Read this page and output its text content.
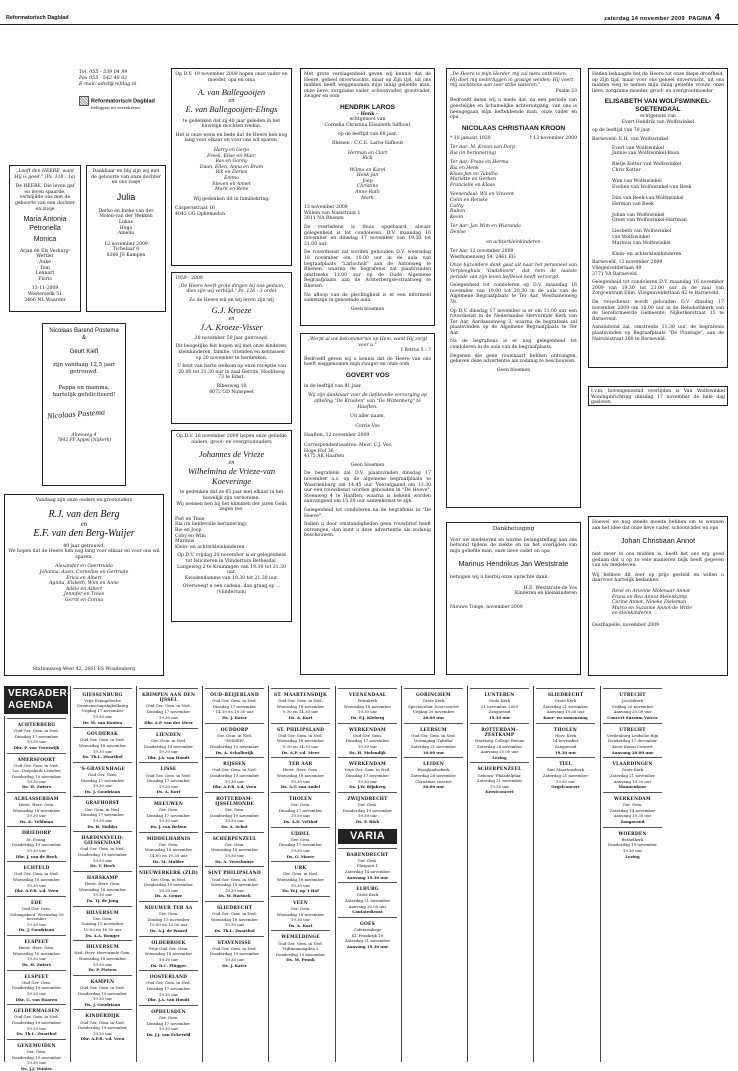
Reformatorisch Dagblad	zaterdag 14 november 2009 PAGINA 4
Tel. 055 - 539 04 99
Fax 055 - 542 48 02
E-mail: advd@refdag.nl
Reformatorisch Dagblad
beleggen en verzekeren
„Looft den HEERE, want Hij is goed." (Ps. 118 : 1a)
De HEERE, Die leven gaf en leven spaarde, verblijdde ons met de geboorte van een dochter en zusje
Maria Antonia Petronella
Monica
Arjan en Els Verburg-Wertler
Auke
Tom
Lennart
Floris
13-11-2009
Westersedk 51
3466 NL Waarder
Dankbaar en blij zijn wij met de geboorte van onze dochter en ons zusje
Julia
Derko en Ineke van der Molen-van der Wekken
Lukas
Hugo
Amelia
12 november 2009
Tichelaar 6
8366 JS Kampen
Nicolaas Barend Postema &
Geurt Kieft
zijn vandaag 12,5 jaar getrouwd.
Pappa en mamma, hartelijk gefeliciteerd!
Nicolaas Postema
Alteeweg 4
7842 PP Appel (Nijkerk)
Vandaag zijn onze ouders en grootouders
R.J. van den Berg
en
E.F. van den Berg-Wuijer
40 jaar getrouwd.
We hopen dat de Heere hen nog lang voor elkaar en voor ons wil sparen.
Alexander en Geertruida
Johanna, Axen, Cornelius en Gertrude
Erica en Albert
Agnita, Elsbeth, Wim en Anne
Adèle en Albert
Jennifer en Trees
Gerrit en Corina
Stationsweg-West 42, 2661 ES Woudenberg
Op D.V. 19 november 2009 hopen onze vader en moeder, opa en oma
A. van Ballegooijen
en
E. van Ballegooijen-Elings
te gedenken dat zij 40 jaar geleden in het huwelijk mochten treden.
Het is onze wens en bede dat de Heere hen nog lang voor elkaar en voor ons wil sparen.
Harry en Gerjo
Freek, Elise en Marc
Bas en Gonny
Daan, Ellen, Anna en Bram
Rik en Dories
Emmo
Steven en Annet
Marit en Rens
Wij gedenken dit in familiekring.
Caspersstraat 16
4043 GG Ophemedon
1959 ‑ 2009
„De Heere heeft grote dingen bij ons gedaan; dies zijn wij verblijd." Ps. 126 : 3 ordet
Zo de Heere wil en wij leven zijn wij
G.J. Kroeze
en
J.A. Kroeze-Visser
20 november 50 jaar getrouwd.
Dit beogelijke feit hopen wij met onze kinderen, kleinkinderen, familie, vrienden en kennissen op 20 november te herdenken.
U bent van harte welkom op onze receptie van 20.00 tot 21.30 uur in zaal Gerrits, Hoofdweg 73 te Emst.
Ribesweg 10
8072 GD Nunspeet
Op D.V. 16 november 2009 hopen onze geliefde ouders, groot- en overgrootouders
Johannes de Vrieze
en
Wilhelmina de Vrieze-van Koeveringe
te gedenken dat ze 65 jaar met elkaar in het huwelijk zijn verbonden.
Wij wensen hen bij het klimmen der jaren Gods zegen toe.
Piet en Tinie
Ria (in liefdevolle herinnering)
Bie en Joop
Coby en Wim
Marinus
Klein- en achterkleinkinderen
Op D.V. vrijdag 20 november is er gelegenheid tot feliciteren in Vlindertuin Bethesdal, Langeweg 2 te Kruiningen van 19.30 tot 21.30 uur.
Kwadendamme van 19.30 tot 21.30 uur.
Overweegt u een cadeau, dan graag op ... (Vlindertuin)
Met grote verslagenheid geven wij kennis dat de Heere, geheel onverwachts, maar op Zijn tijd, uit ons midden heeft weggenomen mijn innig geliefde man, onze lieve, zorgzame vader, schoonvader, grootvader, zwager en oom
HENDRIK LAROS
- Henk -
echtgenoot van
Cornelia Christina Elisabeth Silfhout
op de leeftijd van 68 jaar.
Rhenen : C.C.E. Laros-Silfhout
Herman en Clart
Rick

Wilma en Karel
Henk-Jan
Joep
Christine
Anne-Ruth
Mark
13 november 2009
Willem van Naeistraat 1
3911 NA Rhenen
De overledene is thuis opgebaard, alwaar gelegenheid is tot condoleren, D.V. maandag 16 november en dinsdag 17 november van 19.30 tot 21.00 uur.
De rouwdienst zal worden gehouden D.V. woensdag 18 november om 10.00 uur in de aula van begraafplaats "Larlocholf" aan de Antonweg te Rhenen, waarna de begrafenis zal plaatsvinden omstreeks 11.00 uur op de Oude Algemene Begraafplaats aan de Achterbergse-straatweg te Rhenen.
Na afloop van de plechtigheid is er een informeel samenzijn in genoemde aula.
Geen bloemen
„Werpt al uw bekommernis op Hem, want Hij zorgt voor u."
I Petrus 5 : 7
Bedroefd geven wij u kennis dat de Heere van ons heeft weggenomen mijn zwager en onze oom
GOVERT VOS
in de leeftijd van 81 jaar.
Wij zijn dankbaar voor de liefdevolle verzorging op afdeling "De Kruiden" van "De Wittenberg" te Haaften.
Uit aller naam,
Corrie Vos
Haaften, 12 november 2009
Correspondentieadres: Mevr. C.J. Vos,
Hoge Hof 36
4175 AK Haaften
Geen bloemen
De begrafenis zal D.V. plaatsvinden dinsdag 17 november a.s. op de algemene begraafplaats te Waardenburg om 14.45 uur. Voorafgaand om 13.30 uur een rouwdienst worden gehouden in "De Hoeve", Steenweg 4 te Haaften, waarna is bekend worden aanvangend om 15.20 uur samenkomst te zijn.
Gelegenheid tot condoleren na de begrafenis in "De Hoeve".
Indien u door omstandigheden geen rouwbrief heeft ontvangen, dan kunt u deze advertentie als zodanig beschouwen.
„De Heere is mijn Herder, mij zal niets ontbreken.
Hij doet mij nederliggen in grasige weiden; Hij voert mij zachtkens aan zeer stille wateren."
Psalm 23
Bedroefd delen wij u mede dat, na een periode van geestelijke en lichamelijke achteruitgang, van ons is heengegaan mijn lieftebbende man, onze vader en opa
NICOLAAS CHRISTIAAN KROON
* 10 januari 1920	† 12 november 2009
Ter Aar: M. Kroon-van Dorp
Ria (in herinnering)
Ter Aar: Frans en Herma
Ria en Henk
Klaas Jan en Tabitha
Mariëtte en Gerben
Francielle en Klaas
Veenendaal: Wil en Vincent
Colin en Renske
Cathy
Ruben
Kevin
Ter Aar: Jan Wim en Wieranda
Denise
en achterkleinkinderen
Ter Aar, 12 november 2009
Westhanenweg 54, 2461 EG
Onze bijzondere dank gaat uit naar het personeel van Verpleeghuis "Oudshoorn", dat hem de laatste periode van zijn leven liefdevol heeft verzorgd.
Gelegenheid tot condoleren op D.V. maandag 16 november van 19.00 tot 20.30 in de aula van de Algemene Begraafplaats te Ter Aar, Westhanenweg 59.
Op D.V. dinsdag 17 november is er om 11.00 uur een rouwdienst in de Nederlandse Hervormde Kerk van Ter Aar, Aardassenweg 3, waarna de begrafenis zal plaatsvinden op de Algemene Begraafplaats te Ter Aar.
Na de begrafenis is er nog gelegenheid tot condoleren in de aula van de begraafplaats.
Degenen die geen rouwkaart hebben ontvangen, gelieven deze advertentie als zodanig te beschouwen.
Geen bloemen
Dankbetuiging
Voor uw medeleven en warme belangstelling aan ons betoond tijdens de ziekte en na het overlijden van mijn geliefde man, onze lieve vader en opa
Marinus Hendrikus Jan Weststrate
betuigen wij u hierbij onze oprechte dank.
H.E. Weststrate-de Vos
Kinderen en kleinkinderen
Nieuwe Tonge, november 2009
Heden behaagde het de Heere tot onze diepe droefheid, op Zijn tijd, maar voor ons geheel onverwacht, uit ons midden weg te nemen mijn innig geliefde vrouw, onze lieve, zorgzame moeder, groot- en overgrootmoeder
ELISABETH VAN WOLFSWINKEL-SOETENDAAL
echtgenote van
Evert Hendrik van Wolfswinkel
op de leeftijd van 70 jaar.
Barneveld: E.H. van Wolfswinkel
Evert van Wolfswinkel
Jannie van Wolfswinkel-Baan

Rietje Kotter-van Wolfswinkel
Chris Kotter

Wim van Wolfswinkel
Evelien van Wolfswinkel-van Beek

Dini van Beek-van Wolfswinkel
Herman van Beek

Johan van Wolfswinkel
Greet van Wolfswinkel-Hartman

Liesbeth van Wolfswinkel
van Wolfswinkel
Marinus van Wolfswinkel

Klein- en achterkleinkinderen
Barneveld, 12 november 2009
Vliegenvelderlaan 49
3771 VA Barneveld
Gelegenheid tot condoleren D.V. maandag 16 november 2009 van 19.30 tot 21.00 uur in de zaal van Zorgcentrum Elim, Vliegenvelderlaan 42 te Barneveld.
De rouwdienst wordt gehouden D.V. dinsdag 17 november 2009 om 10.00 uur in de Rehobothkerk van de Gereformeerde Gemeente, Nijkerkerstraat 15 te Barneveld.
Aansluitend zal, omstreeks 11.30 uur, de begrafenis plaatsvinden op Begraafplaats "De Plantage", aan de Nairobistraat 260 te Barneveld.
I.v.m. bovengenoemd overlijden is Van Wolfswinkel Woninginrichting dinsdag 17 november de hele dag gesloten.
Hoewel we nog steeds moeite hebben om te wennen aan het idee dat onze lieve vader, schoonvader en opa
Johan Christiaan Annot
niet meer in ons midden is, heeft het ons erg goed gedaan dat u op zo vele manieren blijk heeft gegeven van uw medeleven.
Wij hebben dit zeer op prijs gesteld en willen u daarvoor hartelijk bedanken.
René en Arienne Molenaar-Annot
Frans en Bea Annot-Melenkamp
Carine Annot, Nineke Dieleman
Marco en Suzanne Annot-de Witte
en kleinkinderen
Oosthapelle, november 2009
VERGADER-AGENDA
ACHTERBERG
Oud Ger. Gem. in Ned.
Dinsdag 17 november
19.30 uur
Dhr. P. van Vreeswijk
AMERSFOORT
Oud Ger. Gem. in Ned.
Loc. Dorpskerk Leusden
Donderdag 19 november 19.30 uur
Ds. H. Zwiers
ALBLASSERDAM
Herst. Herv. Gem.
Woensdag 18 november
19.30 uur
Ds. K. Veldman
DRIEDORP
St. Evang.
Donderdag 19 november
19.30 uur
Dhr. J. van de Beek
ECHTELD
Oud Ger. Gem. in Ned.
Woensdag 18 november
19.30 uur
Dhr. A.P.R. v.d. Veen
EDE
Oud Ger. Gem.
'Schaapskooi' Woensdag 18 november
19.30 uur
Ds. J. Goudriaan
ELSPEET
Herst. Herv. Gem.
Woensdag 18 november
19.30 uur
Ds. H. Zwiers
ELSPEET
Oud Ger. Gem.
Donderdag 19 november
19.30 uur
Dhr. G. van Haaren
GELDERMALSEN
Oud Ger. Gem. in Ned.
Donderdag 19 november
19.30 uur
Ds. Th.L. Zwartbol
GENEMUIDEN
Ger. Gem.
Donderdag 19 november
19.30 uur
Ds. J.J. Tuinier
GIESSENBURG
Vrije Evangelische Gemeenschapsbijbelkring
Vrijdag 17 november
19.30 uur
Dr. M. van Kooten
GOUDERAK
Oud Ger. Gem. in Ned.
Woensdag 18 november
19.30 uur
Ds. Th.L. Zwartbol
'S-GRAVENHAGE
Oud Ger. Gem.
Dinsdag 17 november
19.30 uur
Ds. J. Goudriaan
GRAFHORST
Ger. Gem. in Ned.
Dinsdag 17 november
19.30 uur
Ds. B. Mulder
HARDINXVELD-GIESSENDAM
Oud Ger. Gem. in Ned.
Donderdag 19 november
19.30 uur
Ds. T. Hoek
HARSKAMP
Herst. Herv. Gem.
Woensdag 18 november
19.30 uur
Ds. Tj. de Jong
HILVERSUM
Ger. Gem.
Zondag 15 november
10.00 en 16.30 uur
Ds. A.A. Bouger
HILVERSUM
Ned. Herv. Hervormde Gem.
Woensdag 18 november
19.30 uur
Dr. P. Pieters
KAMPEN
Oud Ger. Gem. in Ned.
Donderdag 19 november
19.30 uur
Ds. J. Goudriaan
KINDERDIJK
Oud Ger. Gem. in Ned.
Donderdag 19 november
19.30 uur
Dhr. A.P.R. v.d. Veen
KRIMPEN AAN DEN IJSSEL
Oud Ger. Gem. in Ned.
Dinsdag 17 november
19.30 uur
Dhr. A.P. van der Meer
LIENDEN
Ger. Gem. in Ned.
Donderdag 19 november
19.30 uur
Dhr. J.A. van Houdt
LISSE
Oud Ger. Gem. in Ned.
Dinsdag 17 november
19.30 uur
Ds. A. Kort
MEEUWEN
Ger. Gem.
Dinsdag 17 november
19.30 uur
Ds. J. van Belzen
MIDDELHARNIS
Ger. Gem.
Woensdag 18 november
14.00 en 19.30 uur
Ds. M. Mulder
NIEUWERKERK (ZLD)
Ger. Gem. in Ned.
Donderdag 19 november
19.30 uur
Ds. A. Geuze
NIEUWER TER AA
Ger. Gem.
Zondag 15 november
10.00 en 15.00 uur
Ds. A.J. de Waard
OLDEBROEK
Vrije Oud Ger. Gem.
Woensdag 18 november
19.30 uur
Ds. D.C. Flügger
OOSTERLAND
Oud Ger. Gem. in Ned.
Dinsdag 17 november
19.30 uur
Dhr. J.A. van Houdt
OPHEUSDEN
Ger. Gem.
Dinsdag 17 november
19.30 uur
Ds. J.J. van Eckeveld
OUD-BEIJERLAND
Oud Ger. Gem. in Ned.
Dinsdag 17 november
14.30 en 19.30 uur
Ds. J. Kater
OUDDORP
Ger. Gem. in Ned.
"EMMER"
Donderdag 19 november
Ds. A. Schalkwijk
RIJSSEN
Oud Ger. Gem. in Ned.
Donderdag 19 november
19.30 uur
Dhr. A.P.R. v.d. Veen
ROTTERDAM-IJSSELMONDE
Ger. Gem.
Donderdag 19 november
19.30 uur
Ds. A. Schot
SCHERPENZEEL
Ger. Gem.
Woensdag 18 november
19.30 uur
Ds. A. Verschuure
SINT PHILIPSLAND
Oud Ger. Gem. in Ned.
Woensdag 18 november
19.30 uur
Ds. W. Harinck
SLIEDRECHT
Oud Ger. Gem. in Ned.
Woensdag 18 november
19.30 uur
Ds. Th.L. Zwartbol
STAVENISSE
Oud Ger. Gem. in Ned.
Donderdag 19 november
19.30 uur
Ds. J. Kater
ST. MAARTENSDIJK
Oud Ger. Gem. in Ned.
Woensdag 18 november
9.30 en 14.30 uur
Ds. A. Kort
ST. PHILIPSLAND
Oud Ger. Gem. in Ned.
Woensdag 18 november
9.30 en 14.30 uur
Ds. A.P. v.d. Meer
TER AAR
Herst. Herv. Gem.
Woensdag 18 november
19.30 uur
Ds. A.T. van Andel
THOLEN
Ger. Gem.
Dinsdag 17 november
19.30 uur
Ds. A.D. Velthof
UDDEL
Ger. Gem.
Dinsdag 17 november
19.30 uur
Ds. G. Moerr
URK
Ger. Gem. in Ned.
Woensdag 18 november
19.30 uur
Ds. W.J. op 't Hof
VEEN
Ger. Gem.
Woensdag 18 november
19.30 uur
Ds. A. Kort
WEMELDINGE
Oud Ger. Gem. in Ned.
Vijftienmaagden 2
Donderdag 19 november
Ds. M. Pronk
VEENENDAAL
Petrakerk
Woensdag 18 november
19.30 uur
Ds. P.J. Kleberg
WERKENDAM
Oud Ger. Gem.
Dinsdag 17 november
19.30 uur
Ds. H. Molendijk
WERKENDAM
Vrije Ger. Gem. in Ned.
Dinsdag 17 november
19.30 uur
Ds. J.W. Rijnberg
ZWIJNDRECHT
Ger. Gem.
Donderdag 19 november
19.30 uur
Ds. P. Blok
VARIA
BARENDRECHT
Ger. Gem.
Pluspunt 1
Zaterdag 14 november
Aanvang 19.30 uur
ELBURG
Grote Kerk
Zaterdag 21 november
Aanvang 20.00 uur
Cantatedienst
GOES
Cafetarialiege
Kl. Frankrijk 19
Zaterdag 21 november
Aanvang 19.30 uur
GORINCHEM
Grote Kerk
Spectaculair Doorconcert
Vrijdag 20 november
20.00 uur
LEERSUM
Oud Ger. Gem. in Ned.
Vereniging 'Tabitha'
Zaterdag 21 november
10.00 uur
LEIDEN
Hooglandsekerk
Zaterdag 28 november
Christmas concert
20.00 uur
LUNTEREN
Oude Kerk
21 november 2009
Zangavond
19.30 uur
ROTTERDAM-ZESTKAMP
Warthorg College Revius
Zaterdag 28 november
Aanvang 20.00 uur
Lezing
SCHERPENZEEL
Gebouw 'Philadelphia'
Zaterdag 21 november
19.30 uur
Kerstconcert
SLIEDRECHT
Grote Kerk
Zaterdag 21 november
Aanvang 19.30 uur
Koor- en samenzang
THOLEN
Herv. Kerk
14 november
Zangavond
19.30 uur
TIEL
Sint Maartenskerk
Zaterdag 21 november
19.30 uur
Orgelconcert
UTRECHT
Jacobikerk
Vrijdag 20 november
Aanvang 20.00 uur
Concert Sursum Voices
UTRECHT
Vredenburg Leidsche Rijn
Donderdag 17 december
Kerst Koren Concert
Aanvang 20.00 uur
VLAARDINGEN
Grote Kerk
Zaterdag 21 november
Aanvang 19.30 uur
Mannenkoor
WERKENDAM
Ger. Gem.
Zaterdag 14 november
Aanvang 19.30 uur
Zangavond
WOERDEN
Bethelkerk
Donderdag 19 november
19.30 uur
Lezing
